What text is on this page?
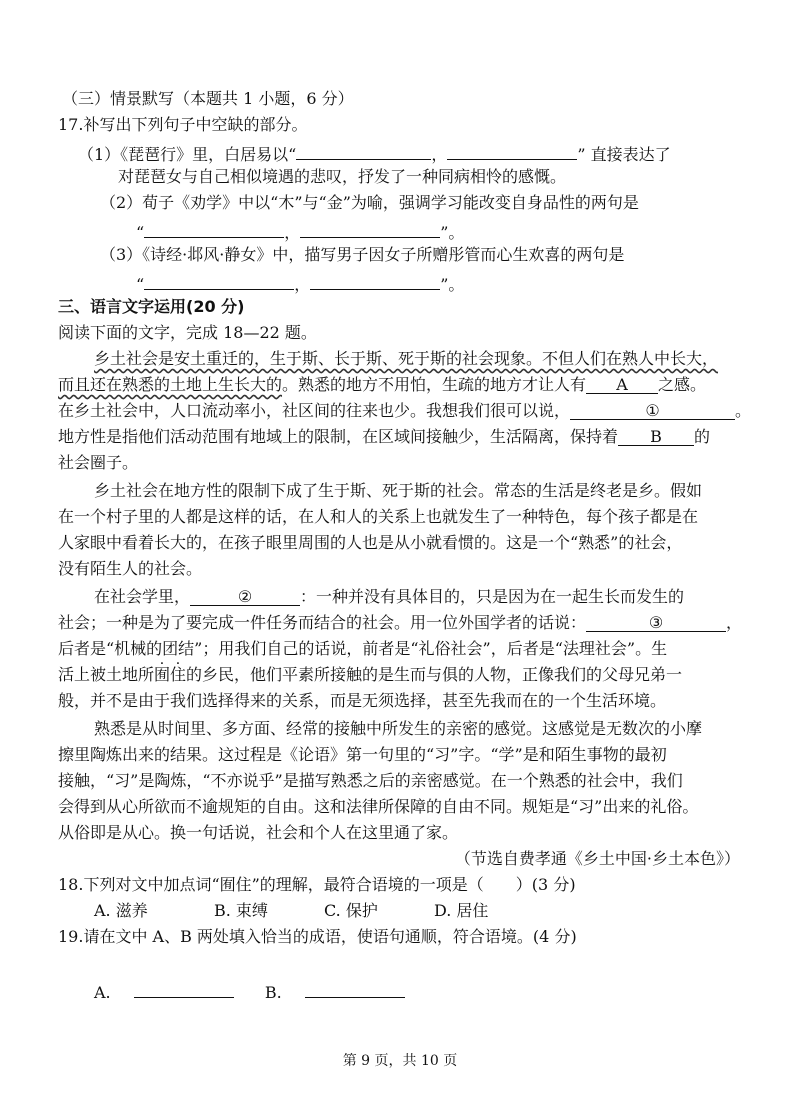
（三）情景默写（本题共 1 小题，6 分）
17.补写出下列句子中空缺的部分。
（1）《琵琶行》里，白居易以“	，	” 直接表达了
对琵琶女与自己相似境遇的悲叹，抒发了一种同病相怜的感慨。
（2）荀子《劝学》中以“木”与“金”为喻，强调学习能改变自身品性的两句是
“	，	”。
（3）《诗经·邶风·静女》中，描写男子因女子所赠彤管而心生欢喜的两句是
“	，	”。
三、语言文字运用(20 分)
阅读下面的文字，完成 18—22 题。
乡土社会是安土重迁的，生于斯、长于斯、死于斯的社会现象。不但人们在熟人中长大，
而且还在熟悉的土地上生长大的。熟悉的地方不用怕，生疏的地方才让人有 A 之感。
在乡土社会中，人口流动率小，社区间的往来也少。我想我们很可以说，	①	。
地方性是指他们活动范围有地域上的限制，在区域间接触少，生活隔离，保持着 B 的
社会圈子。
乡土社会在地方性的限制下成了生于斯、死于斯的社会。常态的生活是终老是乡。假如
在一个村子里的人都是这样的话，在人和人的关系上也就发生了一种特色，每个孩子都是在
人家眼中看着长大的，在孩子眼里周围的人也是从小就看惯的。这是一个“熟悉”的社会，
没有陌生人的社会。
在社会学里，	②	：一种并没有具体目的，只是因为在一起生长而发生的
社会；一种是为了要完成一件任务而结合的社会。用一位外国学者的话说：	③	，
后者是“机械的团结”；用我们自己的话说，前者是“礼俗社会”，后者是“法理社会”。生
活上被土地所囿住的乡民，他们平素所接触的是生而与俱的人物，正像我们的父母兄弟一
般，并不是由于我们选择得来的关系，而是无须选择，甚至先我而在的一个生活环境。
熟悉是从时间里、多方面、经常的接触中所发生的亲密的感觉。这感觉是无数次的小摩
擦里陶炼出来的结果。这过程是《论语》第一句里的“习”字。“学”是和陌生事物的最初
接触，“习”是陶炼，“不亦说乎”是描写熟悉之后的亲密感觉。在一个熟悉的社会中，我们
会得到从心所欲而不逾规矩的自由。这和法律所保障的自由不同。规矩是“习”出来的礼俗。
从俗即是从心。换一句话说，社会和个人在这里通了家。
（节选自费孝通《乡土中国·乡土本色》）
18.下列对文中加点词“囿住”的理解，最符合语境的一项是（　　）(3 分)
A. 滋养	B. 束缚	C. 保护	D. 居住
19.请在文中 A、B 两处填入恰当的成语，使语句通顺，符合语境。(4 分)
A.	B.
第 9 页，共 10 页
